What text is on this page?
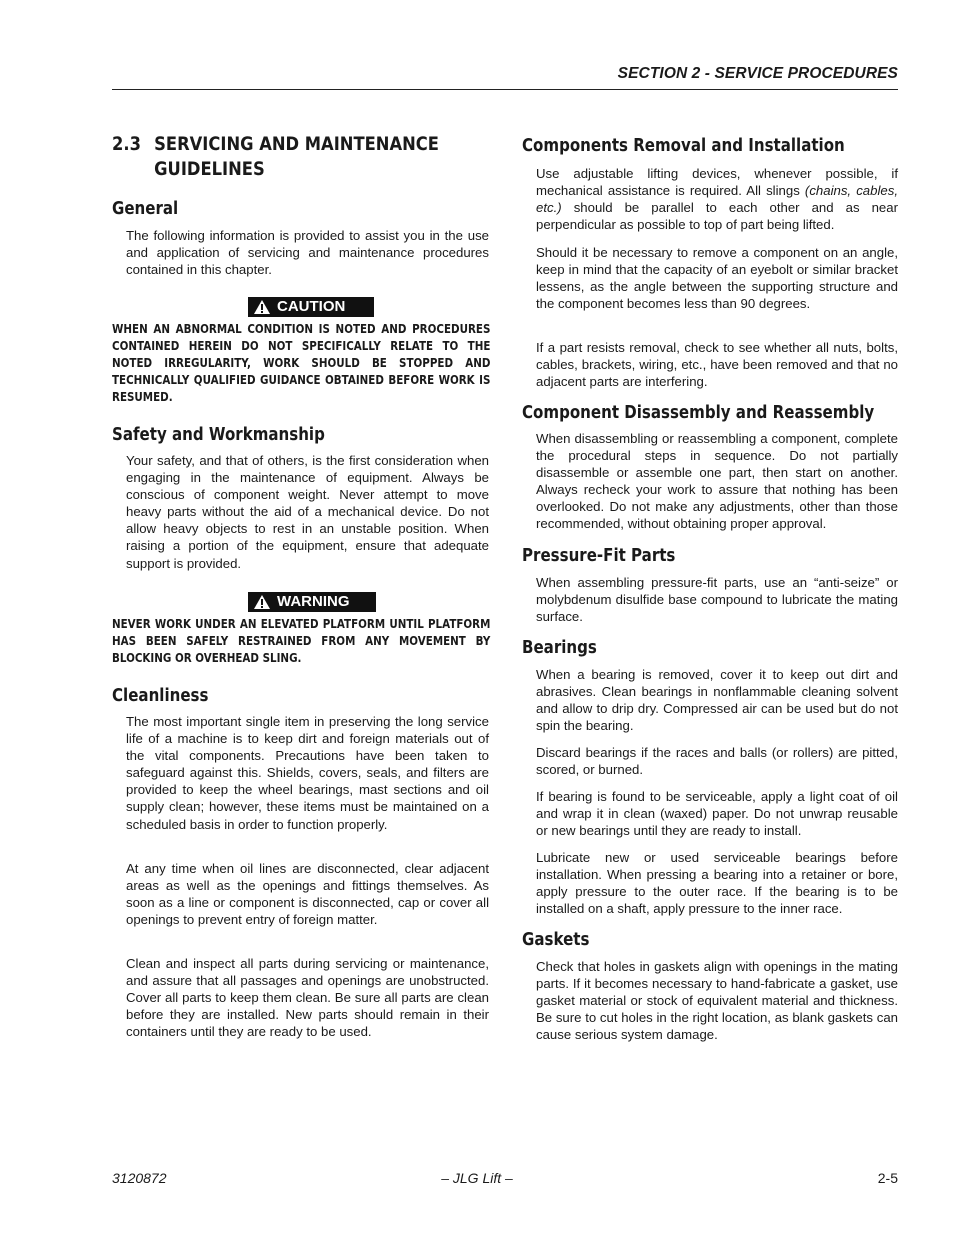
SECTION 2 - SERVICE PROCEDURES
2.3 SERVICING AND MAINTENANCE
GUIDELINES
General

The following information is provided to assist you in the use and application of servicing and maintenance procedures contained in this chapter.

CAUTION

WHEN AN ABNORMAL CONDITION IS NOTED AND PROCEDURES CONTAINED HEREIN DO NOT SPECIFICALLY RELATE TO THE NOTED IRREGULARITY, WORK SHOULD BE STOPPED AND TECHNICALLY QUALIFIED GUIDANCE OBTAINED BEFORE WORK IS RESUMED.

Safety and Workmanship

Your safety, and that of others, is the first consideration when engaging in the maintenance of equipment. Always be conscious of component weight. Never attempt to move heavy parts without the aid of a mechanical device. Do not allow heavy objects to rest in an unstable position. When raising a portion of the equipment, ensure that adequate support is provided.

WARNING

NEVER WORK UNDER AN ELEVATED PLATFORM UNTIL PLATFORM HAS BEEN SAFELY RESTRAINED FROM ANY MOVEMENT BY BLOCKING OR OVERHEAD SLING.

Cleanliness

The most important single item in preserving the long service life of a machine is to keep dirt and foreign materials out of the vital components. Precautions have been taken to safeguard against this. Shields, covers, seals, and filters are provided to keep the wheel bearings, mast sections and oil supply clean; however, these items must be maintained on a scheduled basis in order to function properly.

At any time when oil lines are disconnected, clear adjacent areas as well as the openings and fittings themselves. As soon as a line or component is disconnected, cap or cover all openings to prevent entry of foreign matter.

Clean and inspect all parts during servicing or maintenance, and assure that all passages and openings are unobstructed. Cover all parts to keep them clean. Be sure all parts are clean before they are installed. New parts should remain in their containers until they are ready to be used.

Components Removal and Installation

Use adjustable lifting devices, whenever possible, if mechanical assistance is required. All slings (chains, cables, etc.) should be parallel to each other and as near perpendicular as possible to top of part being lifted.

Should it be necessary to remove a component on an angle, keep in mind that the capacity of an eyebolt or similar bracket lessens, as the angle between the supporting structure and the component becomes less than 90 degrees.

If a part resists removal, check to see whether all nuts, bolts, cables, brackets, wiring, etc., have been removed and that no adjacent parts are interfering.

Component Disassembly and Reassembly

When disassembling or reassembling a component, complete the procedural steps in sequence. Do not partially disassemble or assemble one part, then start on another. Always recheck your work to assure that nothing has been overlooked. Do not make any adjustments, other than those recommended, without obtaining proper approval.

Pressure-Fit Parts

When assembling pressure-fit parts, use an “anti-seize” or molybdenum disulfide base compound to lubricate the mating surface.

Bearings

When a bearing is removed, cover it to keep out dirt and abrasives. Clean bearings in nonflammable cleaning solvent and allow to drip dry. Compressed air can be used but do not spin the bearing.

Discard bearings if the races and balls (or rollers) are pitted, scored, or burned.

If bearing is found to be serviceable, apply a light coat of oil and wrap it in clean (waxed) paper. Do not unwrap reusable or new bearings until they are ready to install.

Lubricate new or used serviceable bearings before installation. When pressing a bearing into a retainer or bore, apply pressure to the outer race. If the bearing is to be installed on a shaft, apply pressure to the inner race.

Gaskets

Check that holes in gaskets align with openings in the mating parts. If it becomes necessary to hand-fabricate a gasket, use gasket material or stock of equivalent material and thickness. Be sure to cut holes in the right location, as blank gaskets can cause serious system damage.

– JLG Lift –
3120872	2-5
